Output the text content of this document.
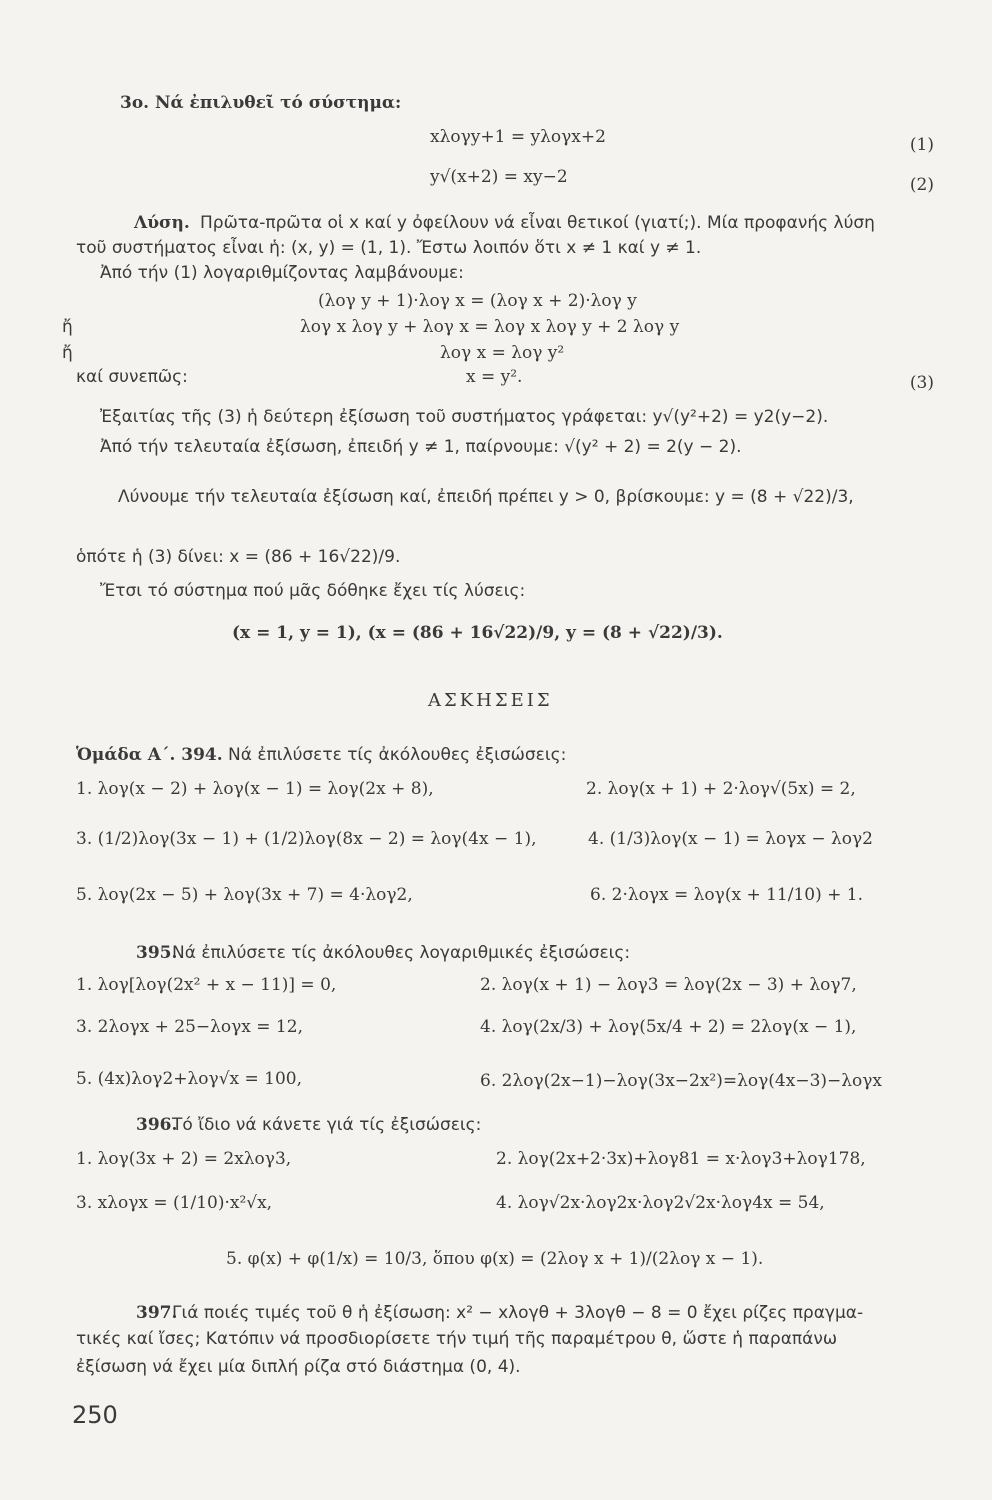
3ο. Νά ἐπιλυθεῖ τό σύστημα:
xλογy+1 = yλογx+2	(1)
y√(x+2) = xy−2	(2)
Λύση. Πρῶτα-πρῶτα οἱ x καί y ὀφείλουν νά εἶναι θετικοί (γιατί;). Μία προφανής λύση
τοῦ συστήματος εἶναι ἡ: (x, y) = (1, 1). Ἔστω λοιπόν ὅτι x ≠ 1 καί y ≠ 1.
Ἀπό τήν (1) λογαριθμίζοντας λαμβάνουμε:
(λογ y + 1)·λογ x = (λογ x + 2)·λογ y
ἤ	λογ x λογ y + λογ x = λογ x λογ y + 2 λογ y
ἤ	λογ x = λογ y²
καί συνεπῶς:	x = y².	(3)
Ἐξαιτίας τῆς (3) ἡ δεύτερη ἐξίσωση τοῦ συστήματος γράφεται: y√(y²+2) = y2(y−2).
Ἀπό τήν τελευταία ἐξίσωση, ἐπειδή y ≠ 1, παίρνουμε: √(y² + 2) = 2(y − 2).
Λύνουμε τήν τελευταία ἐξίσωση καί, ἐπειδή πρέπει y > 0, βρίσκουμε: y = (8 + √22)/3,
ὁπότε ἡ (3) δίνει: x = (86 + 16√22)/9.
Ἔτσι τό σύστημα πού μᾶς δόθηκε ἔχει τίς λύσεις:
(x = 1, y = 1), (x = (86 + 16√22)/9, y = (8 + √22)/3).
ΑΣΚΗΣΕΙΣ
Ὁμάδα Α΄. 394. Νά ἐπιλύσετε τίς ἀκόλουθες ἐξισώσεις:
1. λογ(x − 2) + λογ(x − 1) = λογ(2x + 8),	2. λογ(x + 1) + 2·λογ√(5x) = 2,
3. (1/2)λογ(3x − 1) + (1/2)λογ(8x − 2) = λογ(4x − 1),	4. (1/3)λογ(x − 1) = λογx − λογ2
5. λογ(2x − 5) + λογ(3x + 7) = 4·λογ2,	6. 2·λογx = λογ(x + 11/10) + 1.
395.
Νά ἐπιλύσετε τίς ἀκόλουθες λογαριθμικές ἐξισώσεις:
1. λογ[λογ(2x² + x − 11)] = 0,	2. λογ(x + 1) − λογ3 = λογ(2x − 3) + λογ7,
3. 2λογx + 25−λογx = 12,	4. λογ(2x/3) + λογ(5x/4 + 2) = 2λογ(x − 1),
5. (4x)λογ2+λογ√x = 100,	6. 2λογ(2x−1)−λογ(3x−2x²)=λογ(4x−3)−λογx
396.
Τό ἴδιο νά κάνετε γιά τίς ἐξισώσεις:
1. λογ(3x + 2) = 2xλογ3,	2. λογ(2x+2·3x)+λογ81 = x·λογ3+λογ178,
3. xλογx = (1/10)·x²√x,	4. λογ√2x·λογ2x·λογ2√2x·λογ4x = 54,
5. φ(x) + φ(1/x) = 10/3, ὅπου φ(x) = (2λογ x + 1)/(2λογ x − 1).
397.
Γιά ποιές τιμές τοῦ θ ἡ ἐξίσωση: x² − xλογθ + 3λογθ − 8 = 0 ἔχει ρίζες πραγμα-
τικές καί ἴσες; Κατόπιν νά προσδιορίσετε τήν τιμή τῆς παραμέτρου θ, ὥστε ἡ παραπάνω
ἐξίσωση νά ἔχει μία διπλή ρίζα στό διάστημα (0, 4).
250
